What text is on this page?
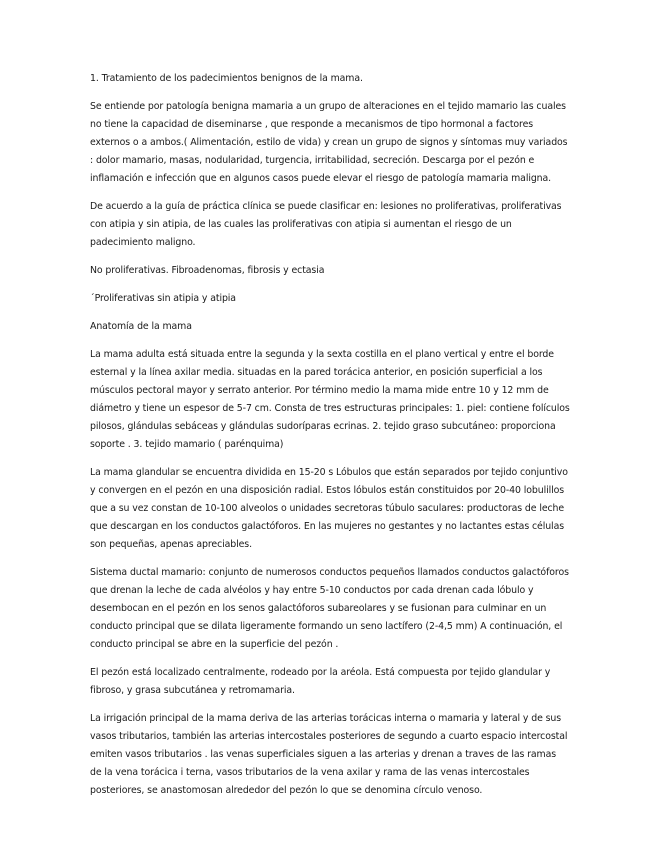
1. Tratamiento de los padecimientos benignos de la mama.

Se entiende por patología benigna mamaria a un grupo de alteraciones en el tejido mamario las cuales no tiene la capacidad de diseminarse , que responde a mecanismos de tipo hormonal a factores externos o a ambos.( Alimentación, estilo de vida) y crean un grupo de signos y síntomas muy variados : dolor mamario, masas, nodularidad, turgencia, irritabilidad, secreción. Descarga por el pezón e inflamación e infección que en algunos casos puede elevar el riesgo de patología mamaria maligna.

De acuerdo a la guía de práctica clínica se puede clasificar en: lesiones no proliferativas, proliferativas con atipia y sin atipia, de las cuales las proliferativas con atipia si aumentan el riesgo de un padecimiento maligno.

No proliferativas. Fibroadenomas, fibrosis y ectasia

´Proliferativas sin atipia y atipia

Anatomía de la mama

La mama adulta está situada entre la segunda y la sexta costilla en el plano vertical y entre el borde esternal y la línea axilar media. situadas en la pared torácica anterior, en posición superficial a los músculos pectoral mayor y serrato anterior. Por término medio la mama mide entre 10 y 12 mm de diámetro y tiene un espesor de 5-7 cm. Consta de tres estructuras principales: 1. piel: contiene folículos pilosos, glándulas sebáceas y glándulas sudoríparas ecrinas. 2. tejido graso subcutáneo: proporciona soporte . 3. tejido mamario ( parénquima)

La mama glandular se encuentra dividida en 15-20 s Lóbulos que están separados por tejido conjuntivo y convergen en el pezón en una disposición radial. Estos lóbulos están constituidos por 20-40 lobulillos que a su vez constan de 10-100 alveolos o unidades secretoras túbulo saculares: productoras de leche que descargan en los conductos galactóforos. En las mujeres no gestantes y no lactantes estas células son pequeñas, apenas apreciables.

Sistema ductal mamario: conjunto de numerosos conductos pequeños llamados conductos galactóforos que drenan la leche de cada alvéolos y hay entre 5-10 conductos por cada drenan cada lóbulo y desembocan en el pezón en los senos galactóforos subareolares y se fusionan para culminar en un conducto principal que se dilata ligeramente formando un seno lactífero (2-4,5 mm) A continuación, el conducto principal se abre en la superficie del pezón .

El pezón está localizado centralmente, rodeado por la aréola. Está compuesta por tejido glandular y fibroso, y grasa subcutánea y retromamaria.

La irrigación principal de la mama deriva de las arterias torácicas interna o mamaria y lateral y de sus vasos tributarios, también las arterias intercostales posteriores de segundo a cuarto espacio intercostal emiten vasos tributarios . las venas superficiales siguen a las arterias y drenan a traves de las ramas de la vena torácica i terna, vasos tributarios de la vena axilar y rama de las venas intercostales posteriores, se anastomosan alrededor del pezón lo que se denomina círculo venoso.
